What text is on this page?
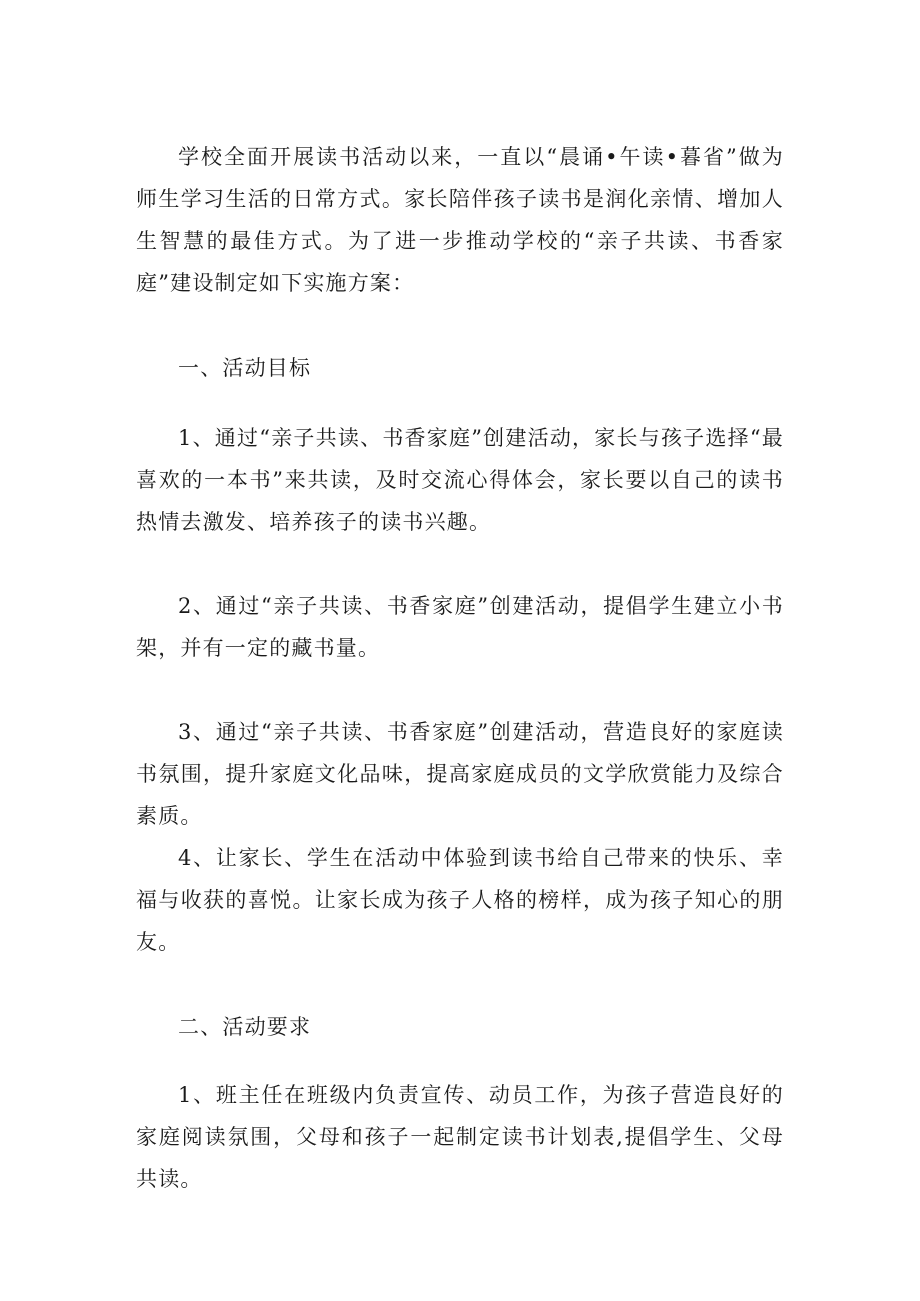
学校全面开展读书活动以来，一直以“晨诵•午读•暮省”做为师生学习生活的日常方式。家长陪伴孩子读书是润化亲情、增加人生智慧的最佳方式。为了进一步推动学校的“亲子共读、书香家庭”建设制定如下实施方案：

一、活动目标

1、通过“亲子共读、书香家庭”创建活动，家长与孩子选择“最喜欢的一本书”来共读，及时交流心得体会，家长要以自己的读书热情去激发、培养孩子的读书兴趣。

2、通过“亲子共读、书香家庭”创建活动，提倡学生建立小书架，并有一定的藏书量。

3、通过“亲子共读、书香家庭”创建活动，营造良好的家庭读书氛围，提升家庭文化品味，提高家庭成员的文学欣赏能力及综合素质。

4、让家长、学生在活动中体验到读书给自己带来的快乐、幸福与收获的喜悦。让家长成为孩子人格的榜样，成为孩子知心的朋友。

二、活动要求

1、班主任在班级内负责宣传、动员工作，为孩子营造良好的家庭阅读氛围，父母和孩子一起制定读书计划表,提倡学生、父母共读。
